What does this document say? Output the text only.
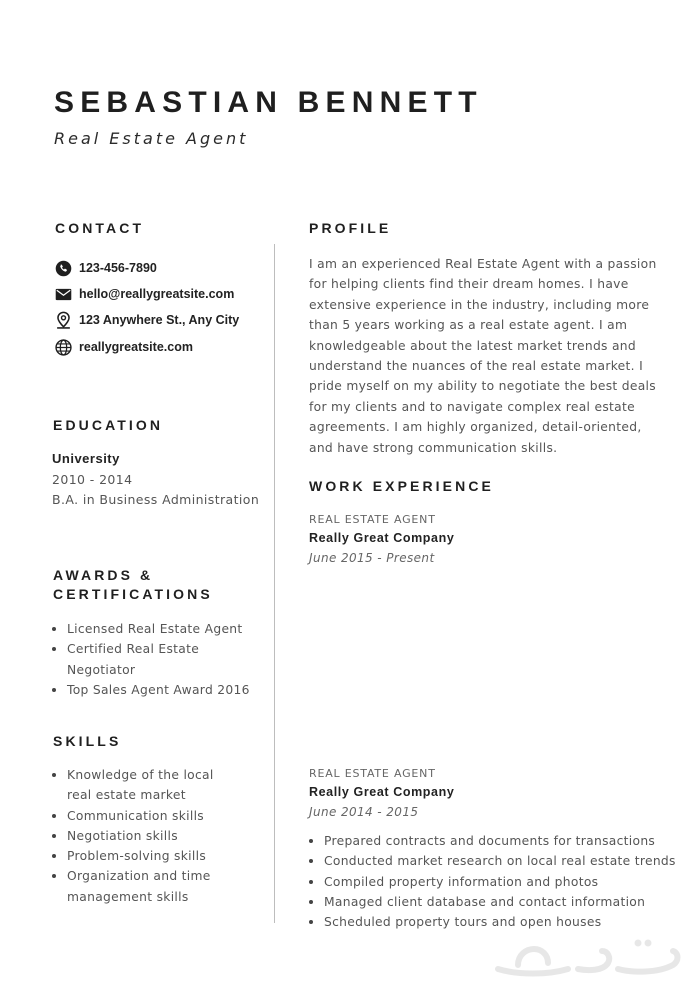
SEBASTIAN BENNETT
Real Estate Agent
CONTACT
123-456-7890
hello@reallygreatsite.com
123 Anywhere St., Any City
reallygreatsite.com
EDUCATION
University
2010 - 2014
B.A. in Business Administration
AWARDS &
CERTIFICATIONS
Licensed Real Estate Agent
Certified Real Estate Negotiator
Top Sales Agent Award 2016
SKILLS
Knowledge of the local real estate market
Communication skills
Negotiation skills
Problem-solving skills
Organization and time management skills
PROFILE
I am an experienced Real Estate Agent with a passion for helping clients find their dream homes. I have extensive experience in the industry, including more than 5 years working as a real estate agent. I am knowledgeable about the latest market trends and understand the nuances of the real estate market. I pride myself on my ability to negotiate the best deals for my clients and to navigate complex real estate agreements. I am highly organized, detail-oriented, and have strong communication skills.
WORK EXPERIENCE
REAL ESTATE AGENT
Really Great Company
June 2015 - Present
REAL ESTATE AGENT
Really Great Company
June 2014 - 2015
Prepared contracts and documents for transactions
Conducted market research on local real estate trends
Compiled property information and photos
Managed client database and contact information
Scheduled property tours and open houses
